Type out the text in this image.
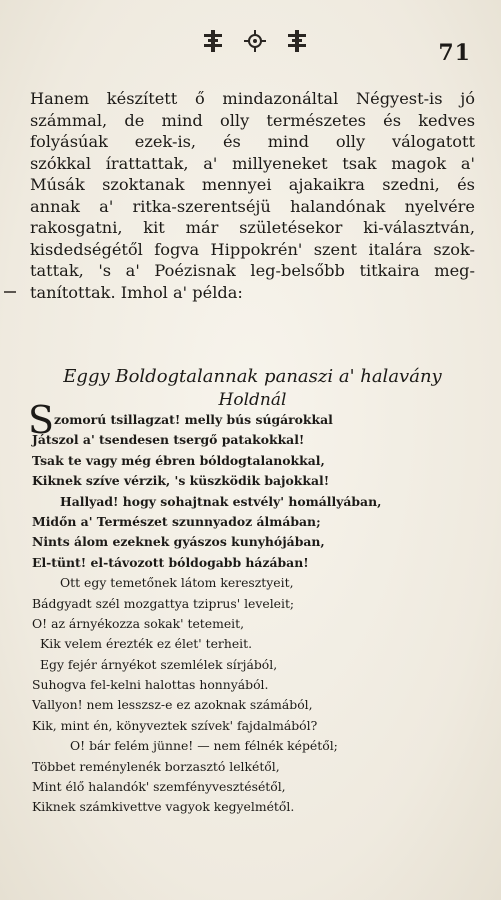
71
Hanem készített ő mindazonáltal Négyest-is jó
számmal, de mind olly természetes és kedves
folyásúak ezek-is, és mind olly válogatott
szókkal írattattak, a' millyeneket tsak magok a'
Músák szoktanak mennyei ajakaikra szedni, és
annak a' ritka-szerentséjü halandónak nyelvére
rakosgatni, kit már születésekor ki-választván,
kisdedségétől fogva Hippokrén' szent italára szok-
tattak, 's a' Poézisnak leg-belsőbb titkaira meg-
tanítottak. Imhol a' példa:
Eggy Boldogtalannak panaszi a' halavány
Holdnál
S zomorú tsillagzat! melly bús súgárokkal
Játszol a' tsendesen tsergő patakokkal!
Tsak te vagy még ébren bóldogtalanokkal,
Kiknek szíve vérzik, 's küszködik bajokkal!
Hallyad! hogy sohajtnak estvély' homállyában,
Midőn a' Természet szunnyadoz álmában;
Nints álom ezeknek gyászos kunyhójában,
El-tünt! el-távozott bóldogabb házában!
Ott egy temetőnek látom keresztyeit,
Bádgyadt szél mozgattya tziprus' leveleit;
O! az árnyékozza sokak' tetemeit,
Kik velem érezték ez élet' terheit.
Egy fejér árnyékot szemlélek sírjából,
Suhogva fel-kelni halottas honnyából.
Vallyon! nem lesszsz-e ez azoknak számából,
Kik, mint én, könyveztek szívek' fajdalmából?
O! bár felém jünne! — nem félnék képétől;
Többet reménylenék borzasztó lelkétől,
Mint élő halandók' szemfényvesztésétől,
Kiknek számkivettve vagyok kegyelmétől.
